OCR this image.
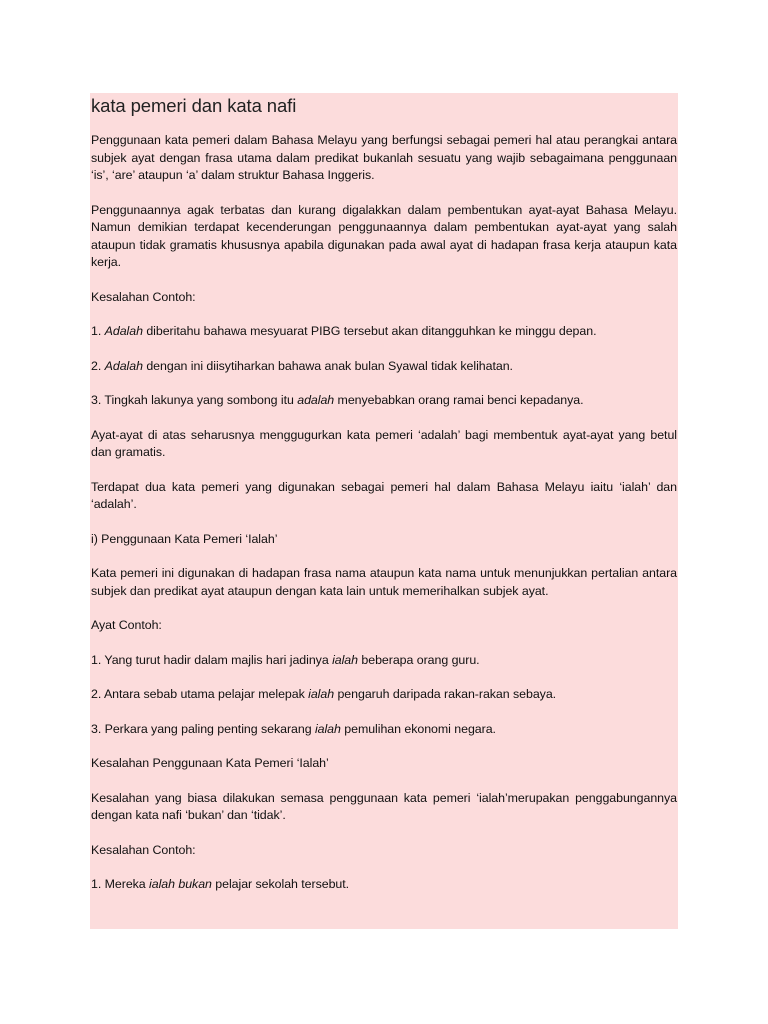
kata pemeri dan kata nafi
Penggunaan kata pemeri dalam Bahasa Melayu yang berfungsi sebagai pemeri hal atau perangkai antara subjek ayat dengan frasa utama dalam predikat bukanlah sesuatu yang wajib sebagaimana penggunaan ‘is’, ‘are’ ataupun ‘a’ dalam struktur Bahasa Inggeris.
Penggunaannya agak terbatas dan kurang digalakkan dalam pembentukan ayat-ayat Bahasa Melayu. Namun demikian terdapat kecenderungan penggunaannya dalam pembentukan ayat-ayat yang salah ataupun tidak gramatis khususnya apabila digunakan pada awal ayat di hadapan frasa kerja ataupun kata kerja.
Kesalahan Contoh:
1. Adalah diberitahu bahawa mesyuarat PIBG tersebut akan ditangguhkan ke minggu depan.
2. Adalah dengan ini diisytiharkan bahawa anak bulan Syawal tidak kelihatan.
3. Tingkah lakunya yang sombong itu adalah menyebabkan orang ramai benci kepadanya.
Ayat-ayat di atas seharusnya menggugurkan kata pemeri ‘adalah’ bagi membentuk ayat-ayat yang betul dan gramatis.
Terdapat dua kata pemeri yang digunakan sebagai pemeri hal dalam Bahasa Melayu iaitu ‘ialah’ dan ‘adalah’.
i) Penggunaan Kata Pemeri ‘Ialah’
Kata pemeri ini digunakan di hadapan frasa nama ataupun kata nama untuk menunjukkan pertalian antara subjek dan predikat ayat ataupun dengan kata lain untuk memerihalkan subjek ayat.
Ayat Contoh:
1. Yang turut hadir dalam majlis hari jadinya ialah beberapa orang guru.
2. Antara sebab utama pelajar melepak ialah pengaruh daripada rakan-rakan sebaya.
3. Perkara yang paling penting sekarang ialah pemulihan ekonomi negara.
Kesalahan Penggunaan Kata Pemeri ‘Ialah’
Kesalahan yang biasa dilakukan semasa penggunaan kata pemeri ‘ialah’merupakan penggabungannya dengan kata nafi ‘bukan’ dan ‘tidak’.
Kesalahan Contoh:
1. Mereka ialah bukan pelajar sekolah tersebut.
